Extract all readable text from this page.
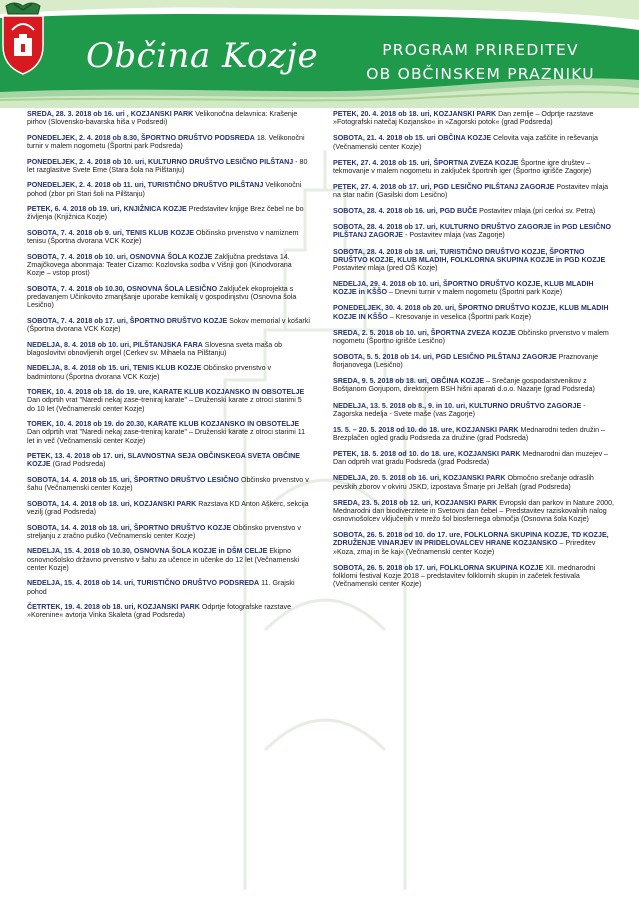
Občina Kozje	PROGRAM PRIREDITEV
OB OBČINSKEM PRAZNIKU
SREDA, 28. 3. 2018 ob 16. uri , KOZJANSKI PARK Velikonočna delavnica: Krašenje pirhov (Slovensko-bavarska hiša v Podsredi)
PONEDELJEK, 2. 4. 2018 ob 8.30, ŠPORTNO DRUŠTVO PODSREDA 18. Velikonočni turnir v malem nogometu (Športni park Podsreda)
PONEDELJEK, 2. 4. 2018 ob 10. uri, KULTURNO DRUŠTVO LESIČNO PILŠTANJ - 80 let razglasitve Svete Eme (Stara šola na Pilštanju)
PONEDELJEK, 2. 4. 2018 ob 11. uri, TURISTIČNO DRUŠTVO PILŠTANJ Velikonočni pohod (zbor pri Stari šoli na Pilštanju)
PETEK, 6. 4. 2018 ob 19. uri, KNJIŽNICA KOZJE Predstavitev knjige Brez čebel ne bo življenja (Knjižnica Kozje)
SOBOTA, 7. 4. 2018 ob 9. uri, TENIS KLUB KOZJE Občinsko prvenstvo v namiznem tenisu (Športna dvorana VCK Kozje)
SOBOTA, 7. 4. 2018 ob 10. uri, OSNOVNA ŠOLA KOZJE Zaključna predstava 14. Zmajčkovega abonmaja: Teater Cizamo: Kozlovska sodba v Višnji gori (Kinodvorana Kozje – vstop prost)
SOBOTA, 7. 4. 2018 ob 10.30, OSNOVNA ŠOLA LESIČNO Zaključek ekoprojekta s predavanjem Učinkovito zmanjšanje uporabe kemikalij v gospodinjstvu (Osnovna šola Lesično)
SOBOTA, 7. 4. 2018 ob 17. uri, ŠPORTNO DRUŠTVO KOZJE Sokov memorial v košarki (Športna dvorana VCK Kozje)
NEDELJA, 8. 4. 2018 ob 10. uri, PILŠTANJSKA FARA Slovesna sveta maša ob blagoslovitvi obnovljenih orgel (Cerkev sv. Mihaela na Pilštanju)
NEDELJA, 8. 4. 2018 ob 15. uri, TENIS KLUB KOZJE Občinsko prvenstvo v badmintonu (Športna dvorana VCK Kozje)
TOREK, 10. 4. 2018 ob 18. do 19. ure, KARATE KLUB KOZJANSKO IN OBSOTELJE Dan odprtih vrat "Naredi nekaj zase-treniraj karate" – Druženski karate z otroci starimi 5 do 10 let (Večnamenski center Kozje)
TOREK, 10. 4. 2018 ob 19. do 20.30, KARATE KLUB KOZJANSKO IN OBSOTELJE Dan odprtih vrat "Naredi nekaj zase-treniraj karate" – Druženski karate z otroci starimi 11 let in več (Večnamenski center Kozje)
PETEK, 13. 4. 2018 ob 17. uri, SLAVNOSTNA SEJA OBČINSKEGA SVETA OBČINE KOZJE (Grad Podsreda)
SOBOTA, 14. 4. 2018 ob 15. uri, ŠPORTNO DRUŠTVO LESIČNO Občinsko prvenstvo v šahu (Večnamenski center Kozje)
SOBOTA, 14. 4. 2018 ob 18. uri, KOZJANSKI PARK Razstava KD Anton Aškerc, sekcija vezilj (grad Podsreda)
SOBOTA, 14. 4. 2018 ob 18. uri, ŠPORTNO DRUŠTVO KOZJE Občinsko prvenstvo v streljanju z zračno puško (Večnamenski center Kozje)
NEDELJA, 15. 4. 2018 ob 10.30, OSNOVNA ŠOLA KOZJE in DŠM CELJE Ekipno osnovnošolsko državno prvenstvo v šahu za učence in učenke do 12 let (Večnamenski center Kozje)
NEDELJA, 15. 4. 2018 ob 14. uri, TURISTIČNO DRUŠTVO PODSREDA 11. Grajski pohod
ČETRTEK, 19. 4. 2018 ob 18. uri, KOZJANSKI PARK Odprtje fotografske razstave »Korenine« avtorja Vinka Skaleta (grad Podsreda)
PETEK, 20. 4. 2018 ob 18. uri, KOZJANSKI PARK Dan zemlje – Odprtje razstave »Fotografski natečaj Kozjansko« in »Zagorski potok« (grad Podsreda)
SOBOTA, 21. 4. 2018 ob 15. uri OBČINA KOZJE Celovita vaja zaščite in reševanja (Večnamenski center Kozje)
PETEK, 27. 4. 2018 ob 15. uri, ŠPORTNA ZVEZA KOZJE Športne igre društev – tekmovanje v malem nogometu in zaključek športnih iger (Športno igrišče Zagorje)
PETEK, 27. 4. 2018 ob 17. uri, PGD LESIČNO PILŠTANJ ZAGORJE Postavitev mlaja na star način (Gasilski dom Lesično)
SOBOTA, 28. 4. 2018 ob 16. uri, PGD BUČE Postavitev mlaja (pri cerkvi sv. Petra)
SOBOTA, 28. 4. 2018 ob 17. uri, KULTURNO DRUŠTVO ZAGORJE in PGD LESIČNO PILŠTANJ ZAGORJE - Postavitev mlaja (vas Zagorje)
SOBOTA, 28. 4. 2018 ob 18. uri, TURISTIČNO DRUŠTVO KOZJE, ŠPORTNO DRUŠTVO KOZJE, KLUB MLADIH, FOLKLORNA SKUPINA KOZJE in PGD KOZJE Postavitev mlaja (pred OŠ Kozje)
NEDELJA, 29. 4. 2018 ob 10. uri, ŠPORTNO DRUŠTVO KOZJE, KLUB MLADIH KOZJE in KŠŠO – Dnevni turnir v malem nogometu (Športni park Kozje)
PONEDELJEK, 30. 4. 2018 ob 20. uri, ŠPORTNO DRUŠTVO KOZJE, KLUB MLADIH KOZJE IN KŠŠO – Kresovanje in veselica (Športni park Kozje)
SREDA, 2. 5. 2018 ob 10. uri, ŠPORTNA ZVEZA KOZJE Občinsko prvenstvo v malem nogometu (Športno igrišče Lesično)
SOBOTA, 5. 5. 2018 ob 14. uri, PGD LESIČNO PILŠTANJ ZAGORJE Praznovanje florjanovega (Lesično)
SREDA, 9. 5. 2018 ob 18. uri, OBČINA KOZJE – Srečanje gospodarstvenikov z Boštjanom Gorjupom, direktorjem BSH hišni aparati d.o.o. Nazarje (grad Podsreda)
NEDELJA, 13. 5. 2018 ob 8., 9. in 10. uri, KULTURNO DRUŠTVO ZAGORJE - Zagorska nedelja - Svete maše (vas Zagorje)
15. 5. – 20. 5. 2018 od 10. do 18. ure, KOZJANSKI PARK Mednarodni teden družin – Brezplačen ogled gradu Podsreda za družine (grad Podsreda)
PETEK, 18. 5. 2018 od 10. do 18. ure, KOZJANSKI PARK Mednarodni dan muzejev – Dan odprtih vrat gradu Podsreda (grad Podsreda)
NEDELJA, 20. 5. 2018 ob 16. uri, KOZJANSKI PARK Območno srečanje odraslih pevskih zborov v okviru JSKD, izpostava Šmarje pri Jelšah (grad Podsreda)
SREDA, 23. 5. 2018 ob 12. uri, KOZJANSKI PARK Evropski dan parkov in Nature 2000, Mednarodni dan biodiverzitete in Svetovni dan čebel – Predstavitev raziskovalnih nalog osnovnošolcev vključenih v mrežo šol biosfernega območja (Osnovna šola Kozje)
SOBOTA, 26. 5. 2018 od 10. do 17. ure, FOLKLORNA SKUPINA KOZJE, TD KOZJE, ZDRUŽENJE VINARJEV IN PRIDELOVALCEV HRANE KOZJANSKO – Prireditev »Koza, zmaj in še kaj« (Večnamenski center Kozje)
SOBOTA, 26. 5. 2018 ob 17. uri, FOLKLORNA SKUPINA KOZJE XII. mednarodni folklorni festival Kozje 2018 – predstavitev folklornih skupin in začetek festivala (Večnamenski center Kozje)
